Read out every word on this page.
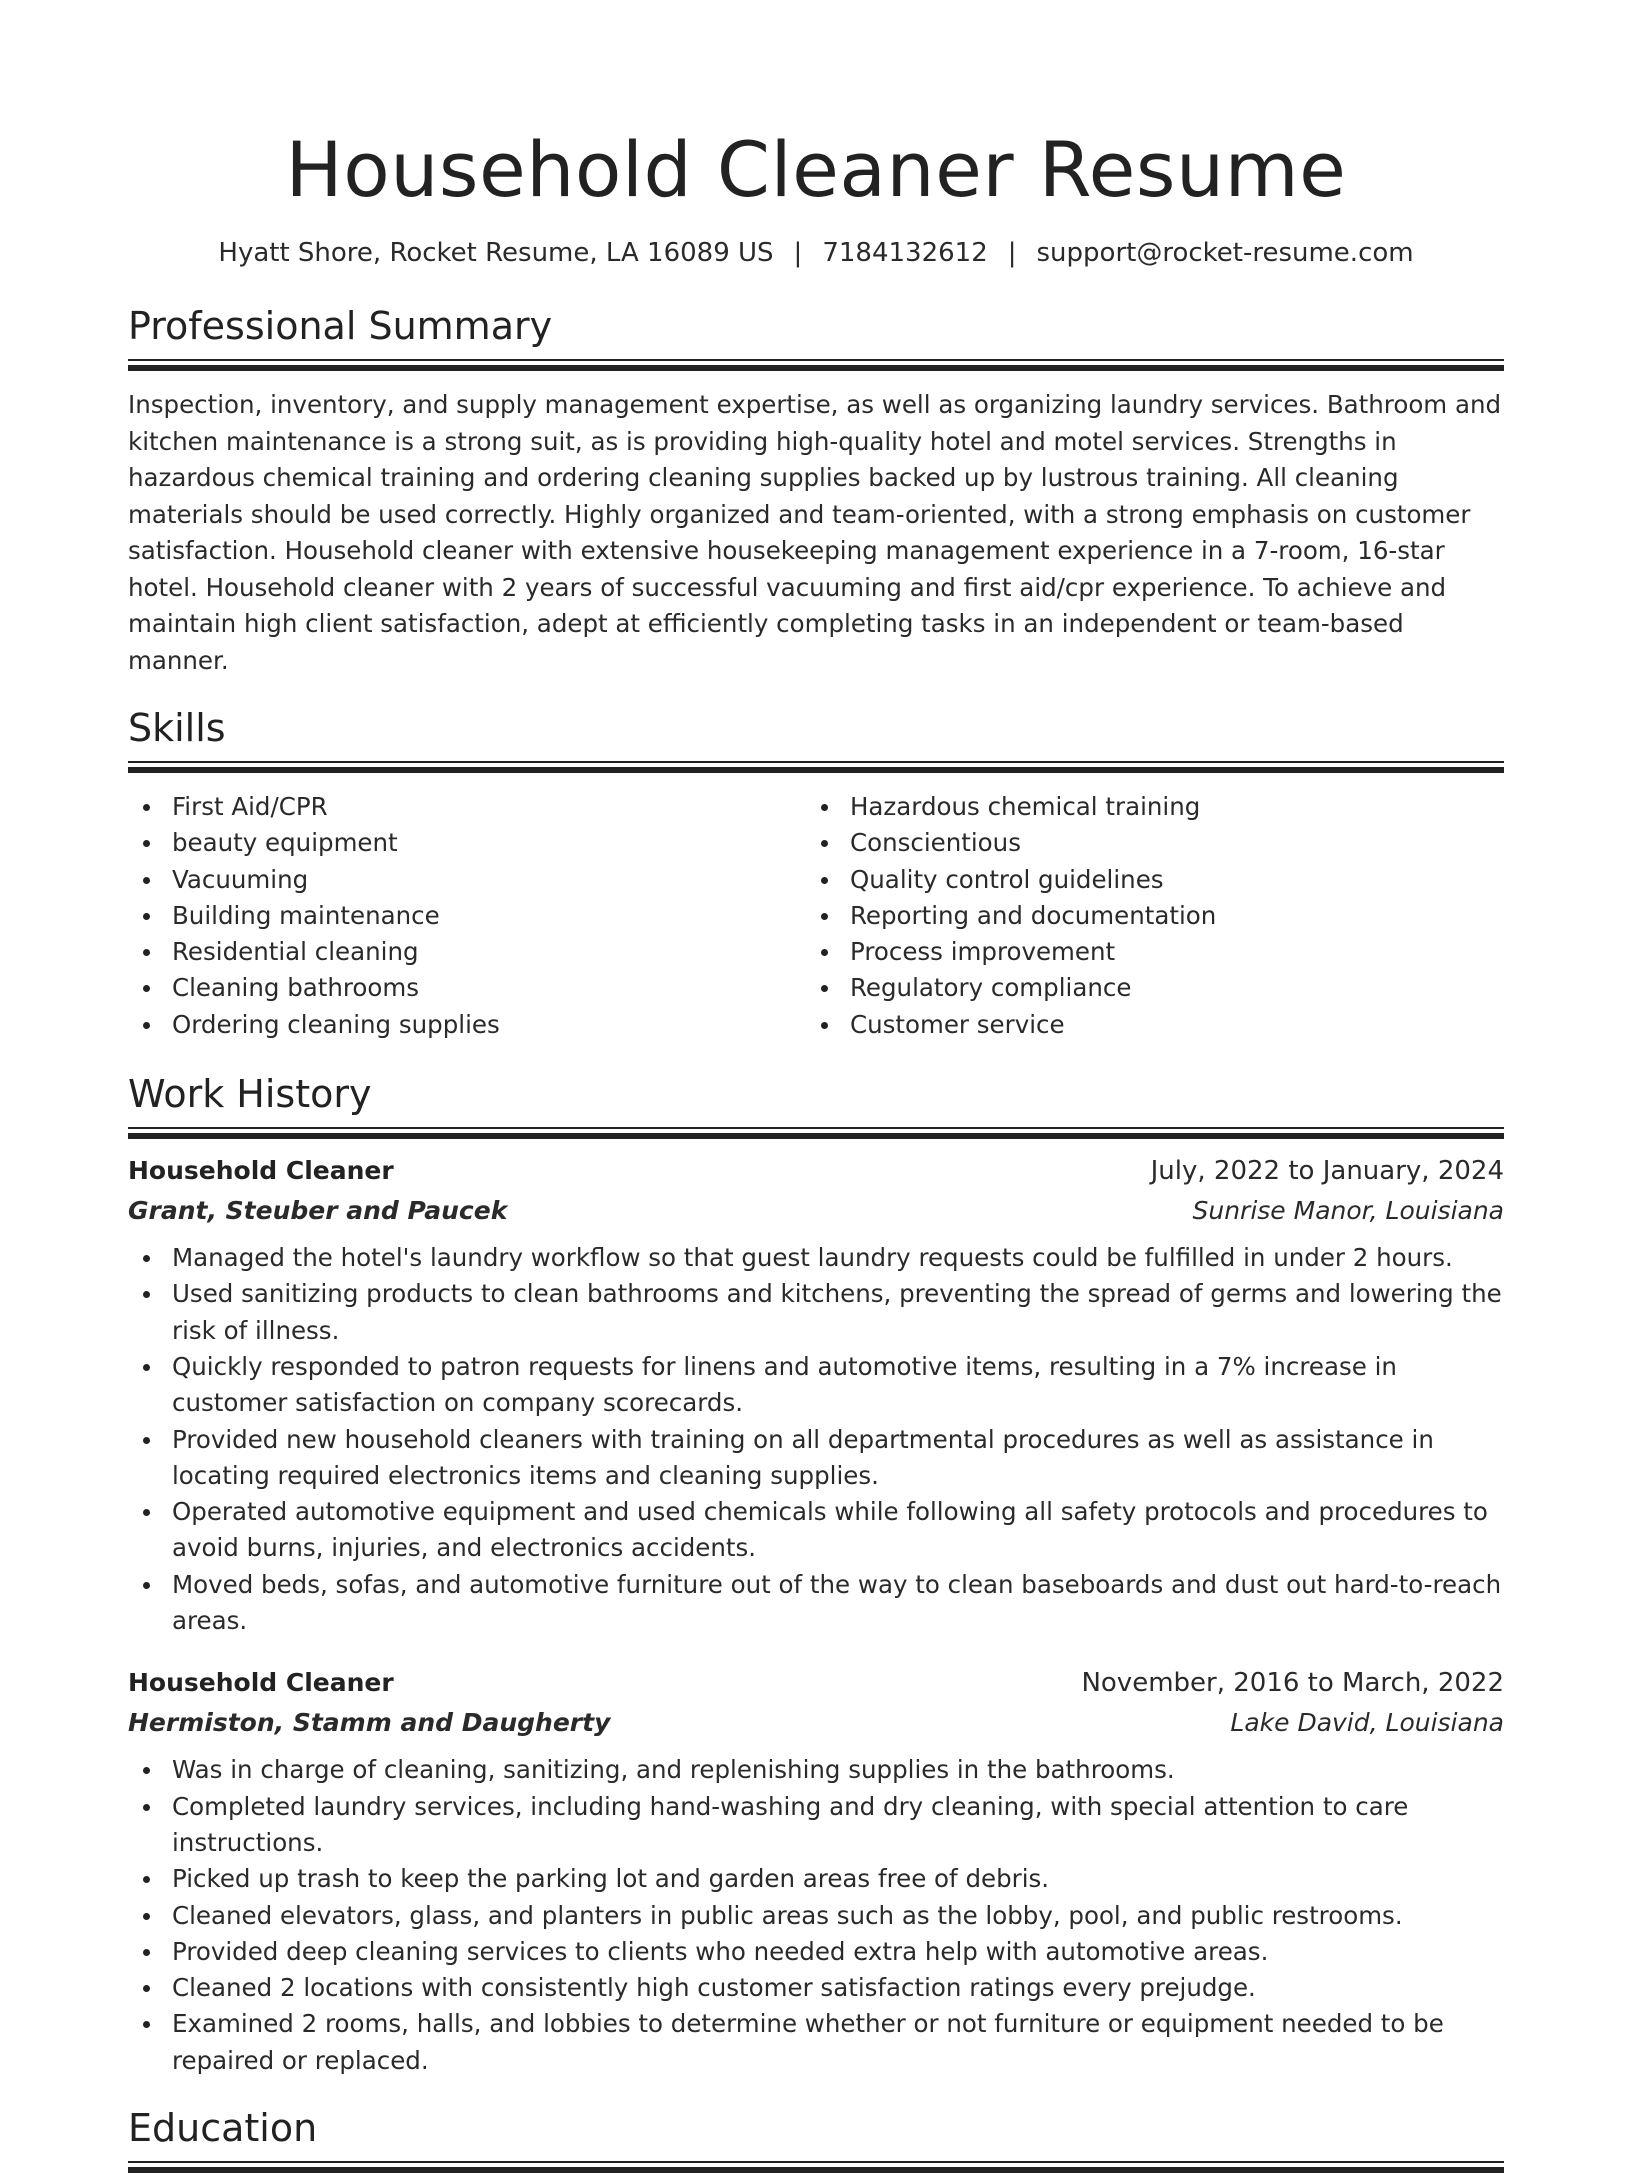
Household Cleaner Resume
Hyatt Shore, Rocket Resume, LA 16089 US | 7184132612 | support@rocket-resume.com
Professional Summary

Inspection, inventory, and supply management expertise, as well as organizing laundry services. Bathroom and kitchen maintenance is a strong suit, as is providing high-quality hotel and motel services. Strengths in hazardous chemical training and ordering cleaning supplies backed up by lustrous training. All cleaning materials should be used correctly. Highly organized and team-oriented, with a strong emphasis on customer satisfaction. Household cleaner with extensive housekeeping management experience in a 7-room, 16-star hotel. Household cleaner with 2 years of successful vacuuming and first aid/cpr experience. To achieve and maintain high client satisfaction, adept at efficiently completing tasks in an independent or team-based manner.

Skills
First Aid/CPR
beauty equipment
Vacuuming
Building maintenance
Residential cleaning
Cleaning bathrooms
Ordering cleaning supplies
Hazardous chemical training
Conscientious
Quality control guidelines
Reporting and documentation
Process improvement
Regulatory compliance
Customer service
Work History
Household Cleaner	July, 2022 to January, 2024
Grant, Steuber and Paucek	Sunrise Manor, Louisiana
Managed the hotel's laundry workflow so that guest laundry requests could be fulfilled in under 2 hours.
Used sanitizing products to clean bathrooms and kitchens, preventing the spread of germs and lowering the risk of illness.
Quickly responded to patron requests for linens and automotive items, resulting in a 7% increase in customer satisfaction on company scorecards.
Provided new household cleaners with training on all departmental procedures as well as assistance in locating required electronics items and cleaning supplies.
Operated automotive equipment and used chemicals while following all safety protocols and procedures to avoid burns, injuries, and electronics accidents.
Moved beds, sofas, and automotive furniture out of the way to clean baseboards and dust out hard-to-reach areas.
Household Cleaner	November, 2016 to March, 2022
Hermiston, Stamm and Daugherty	Lake David, Louisiana
Was in charge of cleaning, sanitizing, and replenishing supplies in the bathrooms.
Completed laundry services, including hand-washing and dry cleaning, with special attention to care instructions.
Picked up trash to keep the parking lot and garden areas free of debris.
Cleaned elevators, glass, and planters in public areas such as the lobby, pool, and public restrooms.
Provided deep cleaning services to clients who needed extra help with automotive areas.
Cleaned 2 locations with consistently high customer satisfaction ratings every prejudge.
Examined 2 rooms, halls, and lobbies to determine whether or not furniture or equipment needed to be repaired or replaced.
Education
